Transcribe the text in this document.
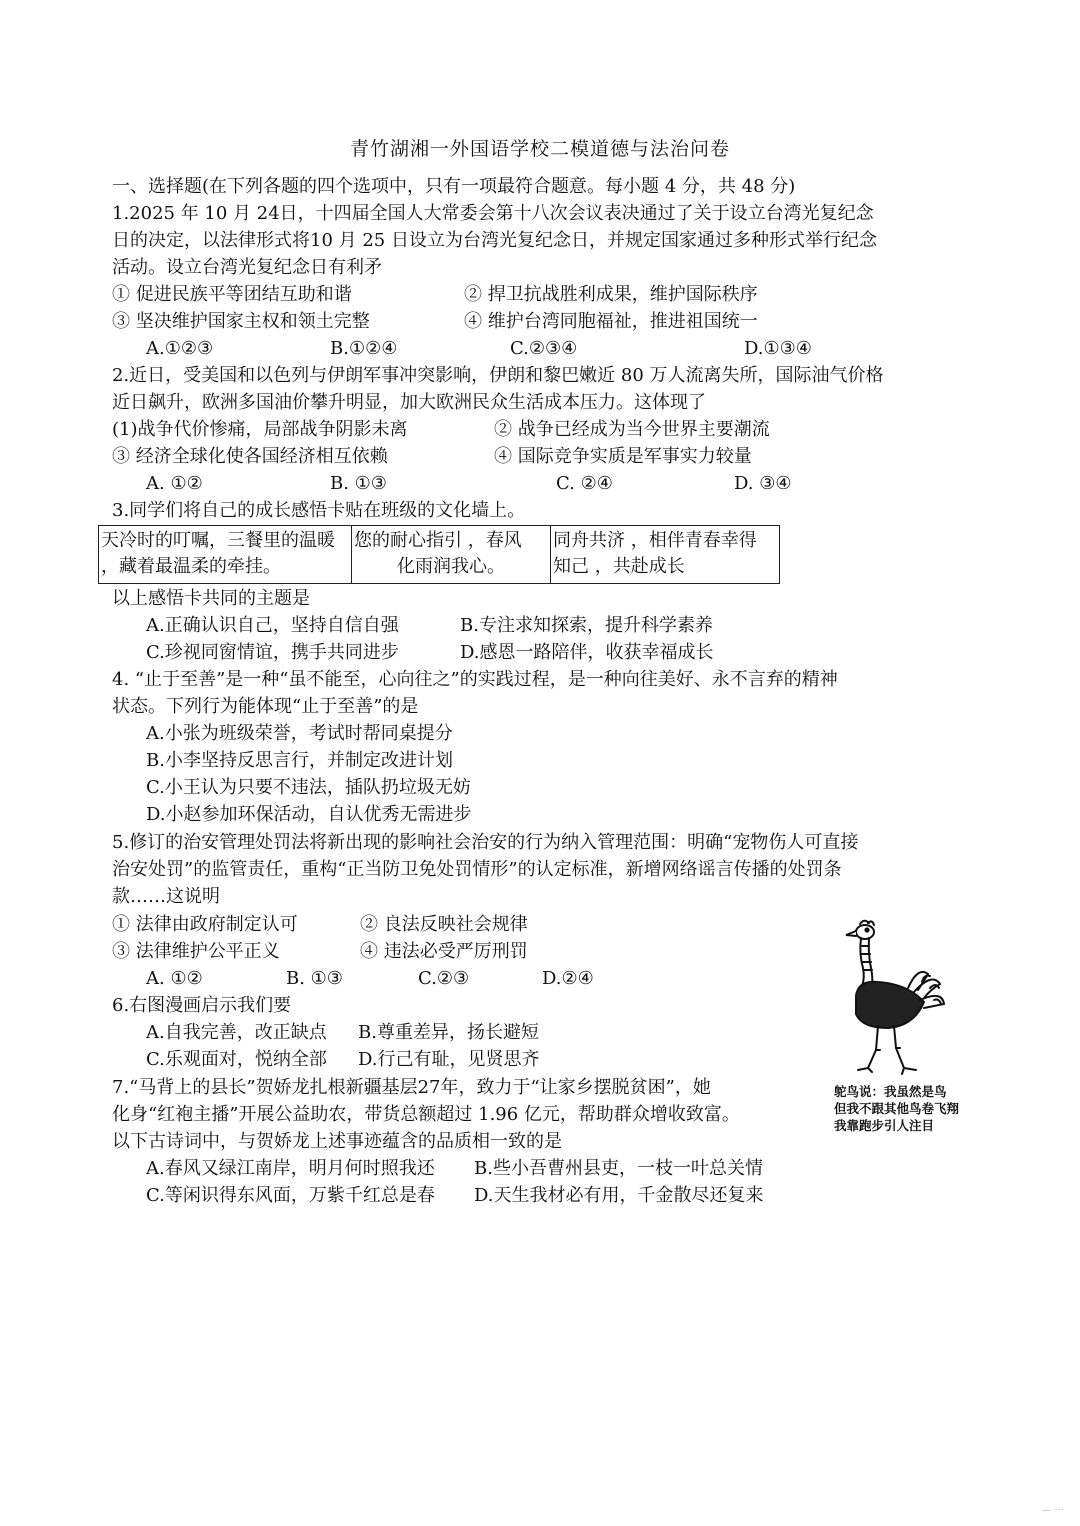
青竹湖湘一外国语学校二模道德与法治问卷
一、选择题(在下列各题的四个选项中，只有一项最符合题意。每小题 4 分，共 48 分)
1.2025 年 10 月 24日，十四届全国人大常委会第十八次会议表决通过了关于设立台湾光复纪念
日的决定，以法律形式将10 月 25 日设立为台湾光复纪念日，并规定国家通过多种形式举行纪念
活动。设立台湾光复纪念日有利矛
① 促进民族平等团结互助和谐	② 捍卫抗战胜利成果，维护国际秩序
③ 坚决维护国家主权和领土完整	④ 维护台湾同胞福祉，推进祖国统一
A.①②③	B.①②④	C.②③④	D.①③④
2.近日，受美国和以色列与伊朗军事冲突影响，伊朗和黎巴嫩近 80 万人流离失所，国际油气价格
近日飙升，欧洲多国油价攀升明显，加大欧洲民众生活成本压力。这体现了
(1)战争代价惨痛，局部战争阴影未离	② 战争已经成为当今世界主要潮流
③ 经济全球化使各国经济相互依赖	④ 国际竞争实质是军事实力较量
A. ①②	B. ①③	C. ②④	D. ③④
3.同学们将自己的成长感悟卡贴在班级的文化墙上。
天冷时的叮嘱，三餐里的温暖
，藏着最温柔的牵挂。

您的耐心指引 ，春风
化雨润我心。

同舟共济 ，相伴青春幸得
知己 ，共赴成长
以上感悟卡共同的主题是
A.正确认识自己，坚持自信自强	B.专注求知探索，提升科学素养
C.珍视同窗情谊，携手共同进步	D.感恩一路陪伴，收获幸福成长
4. “止于至善”是一种“虽不能至，心向往之”的实践过程，是一种向往美好、永不言弃的精神
状态。下列行为能体现“止于至善”的是
A.小张为班级荣誉，考试时帮同桌提分
B.小李坚持反思言行，并制定改进计划
C.小王认为只要不违法，插队扔垃圾无妨
D.小赵参加环保活动，自认优秀无需进步
5.修订的治安管理处罚法将新出现的影响社会治安的行为纳入管理范围：明确“宠物伤人可直接
治安处罚”的监管责任，重构“正当防卫免处罚情形”的认定标准，新增网络谣言传播的处罚条
款……这说明
① 法律由政府制定认可	② 良法反映社会规律
③ 法律维护公平正义	④ 违法必受严厉刑罚
A. ①②	B. ①③	C.②③	D.②④
6.右图漫画启示我们要
A.自我完善，改正缺点 B.尊重差异，扬长避短
C.乐观面对，悦纳全部 D.行己有耻，见贤思齐
鸵鸟说：我虽然是鸟
但我不跟其他鸟卷飞翔
我靠跑步引人注目
7.“马背上的县长”贺娇龙扎根新疆基层27年，致力于“让家乡摆脱贫困”，她
化身“红袍主播”开展公益助农，带货总额超过 1.96 亿元，帮助群众增收致富。
以下古诗词中，与贺娇龙上述事迹蕴含的品质相一致的是
A.春风又绿江南岸，明月何时照我还 B.些小吾曹州县吏，一枝一叶总关情
C.等闲识得东风面，万紫千红总是春 D.天生我材必有用，千金散尽还复来
— ···
